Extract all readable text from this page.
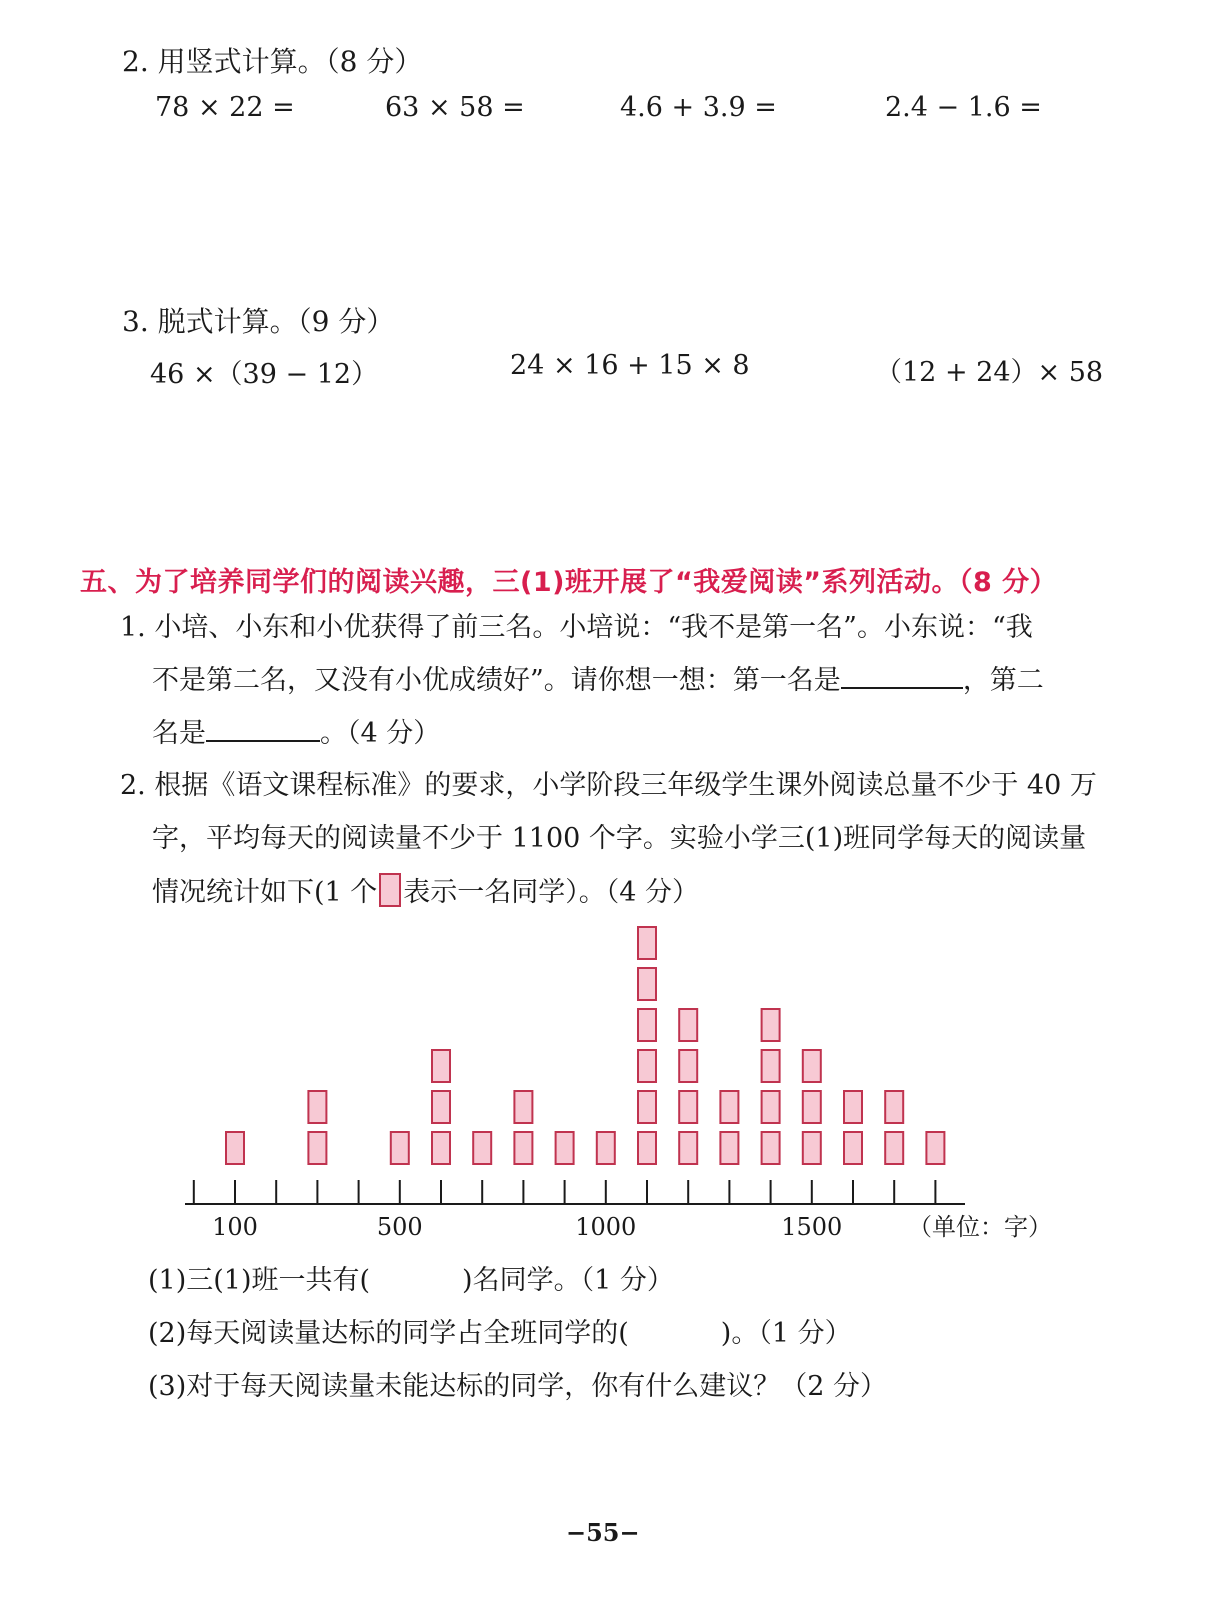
2. 用竖式计算。（8 分）
78 × 22 =	63 × 58 =	4.6 + 3.9 =	2.4 − 1.6 =
3. 脱式计算。（9 分）
46 ×（39 − 12）	24 × 16 + 15 × 8	（12 + 24）× 58
五、为了培养同学们的阅读兴趣，三(1)班开展了“我爱阅读”系列活动。（8 分）
1. 小培、小东和小优获得了前三名。小培说：“我不是第一名”。小东说：“我
不是第二名，又没有小优成绩好”。请你想一想：第一名是	，第二
名是	。（4 分）
2. 根据《语文课程标准》的要求，小学阶段三年级学生课外阅读总量不少于 40 万
字，平均每天的阅读量不少于 1100 个字。实验小学三(1)班同学每天的阅读量
情况统计如下(1 个 表示一名同学）。（4 分）
100	500	1000	1500	（单位：字）
(1)三(1)班一共有(	)名同学。（1 分）
(2)每天阅读量达标的同学占全班同学的(	)。（1 分）
(3)对于每天阅读量未能达标的同学，你有什么建议？（2 分）
−55−
